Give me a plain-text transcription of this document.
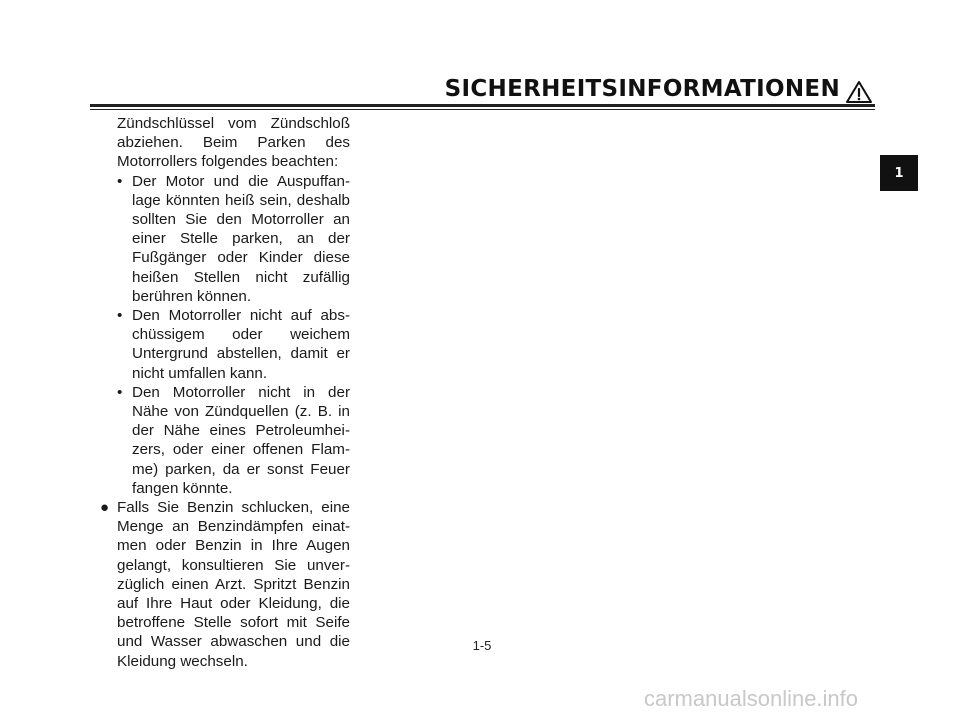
SICHERHEITSINFORMATIONEN
1

Zündschlüssel vom Zündschloß abziehen. Beim Parken des Motorrollers folgendes beachten:

• Der Motor und die Auspuffanlage könnten heiß sein, deshalb sollten Sie den Motorroller an einer Stelle parken, an der Fußgänger oder Kinder diese heißen Stellen nicht zufällig berühren können.
• Den Motorroller nicht auf abschüssigem oder weichem Untergrund abstellen, damit er nicht umfallen kann.
• Den Motorroller nicht in der Nähe von Zündquellen (z. B. in der Nähe eines Petroleumheizers, oder einer offenen Flamme) parken, da er sonst Feuer fangen könnte.
● Falls Sie Benzin schlucken, eine Menge an Benzindämpfen einatmen oder Benzin in Ihre Augen gelangt, konsultieren Sie unverzüglich einen Arzt. Spritzt Benzin auf Ihre Haut oder Kleidung, die betroffene Stelle sofort mit Seife und Wasser abwaschen und die Kleidung wechseln.
1-5
carmanualsonline.info
